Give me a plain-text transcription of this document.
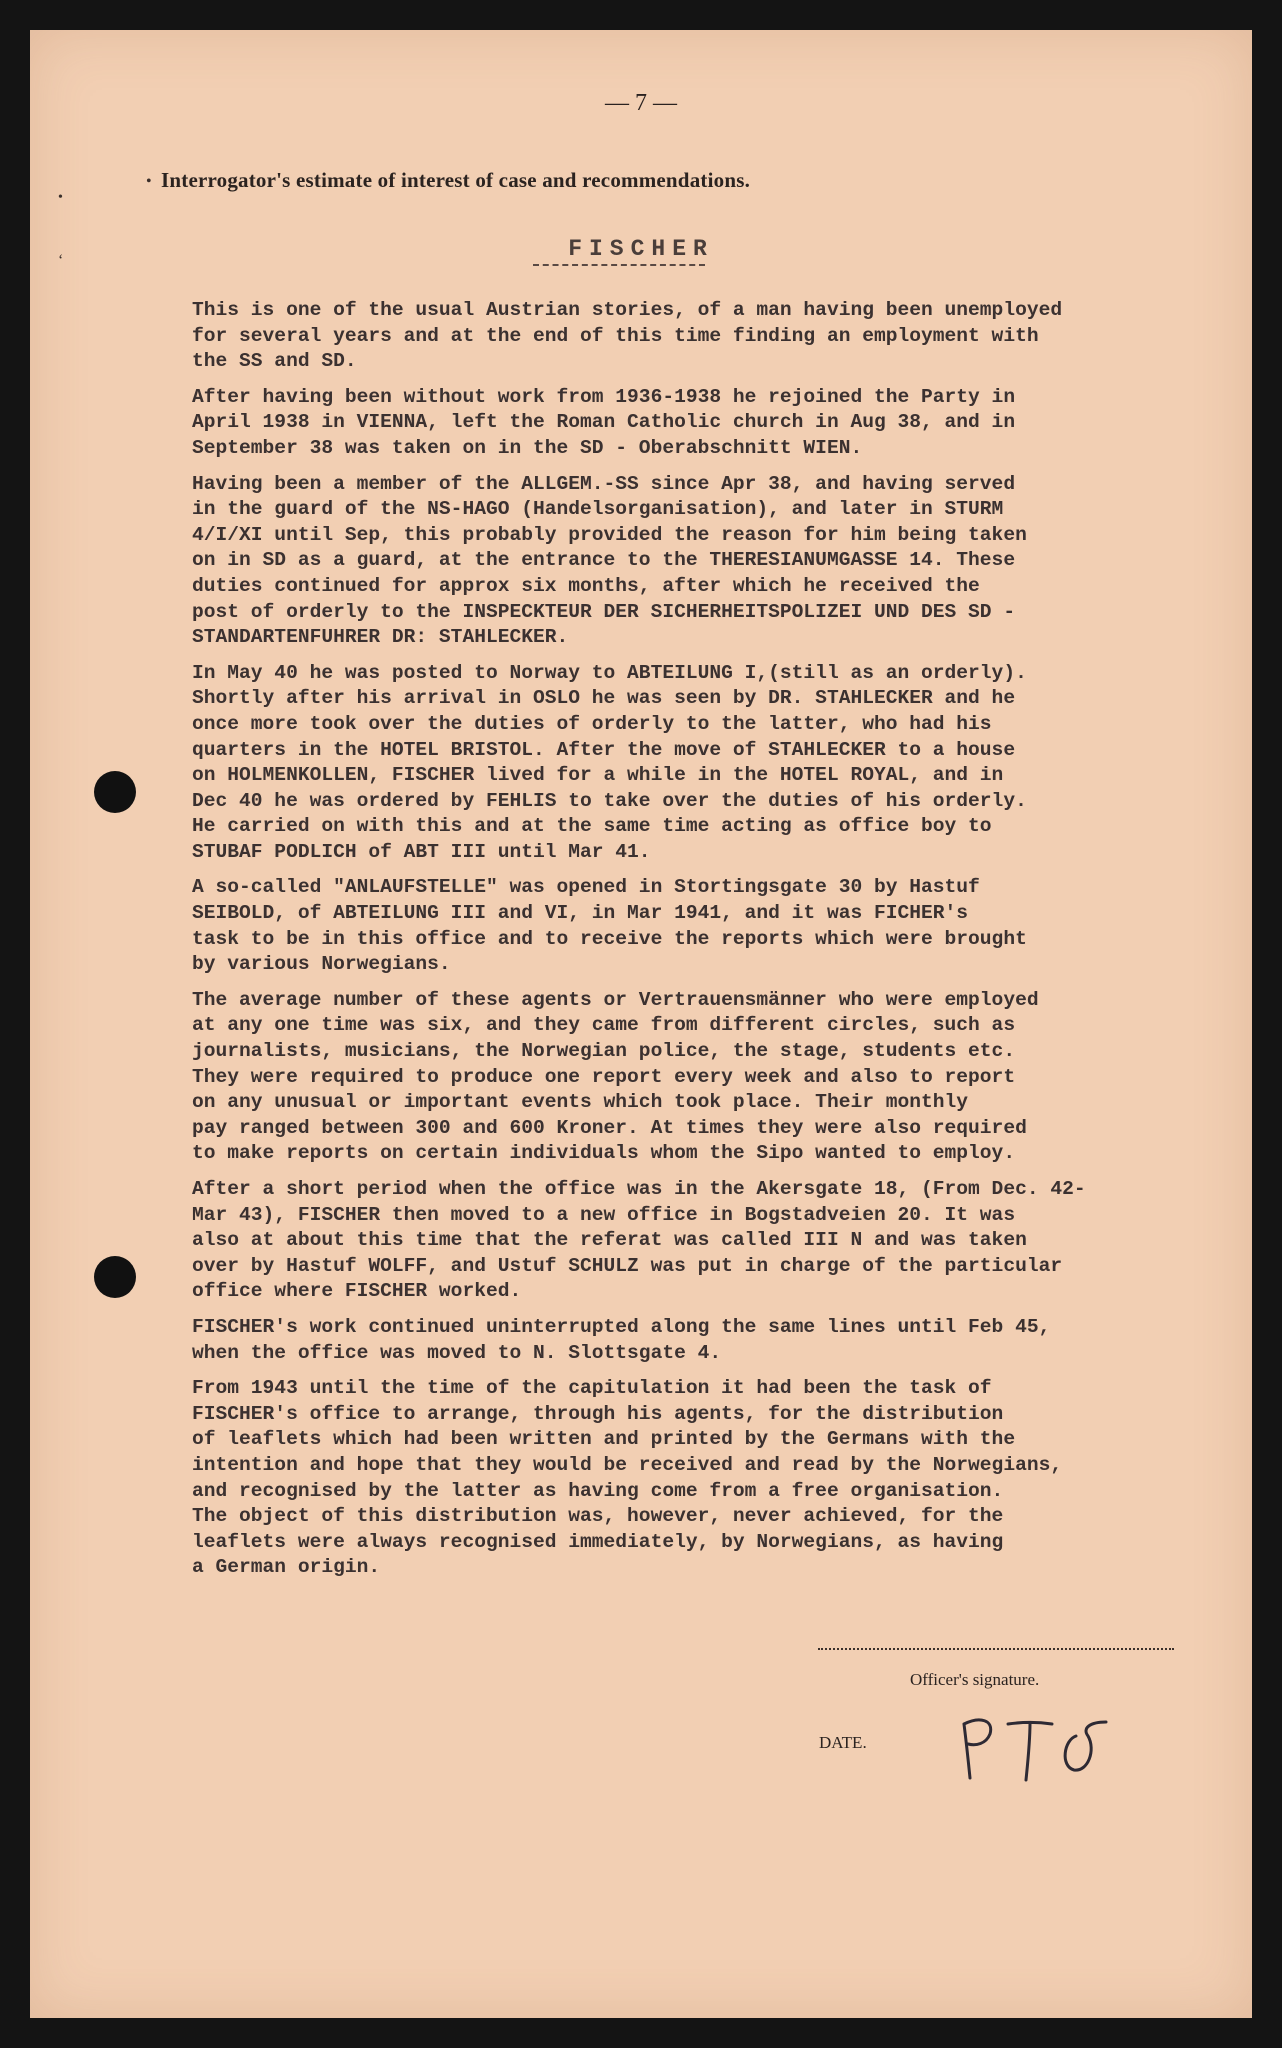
— 7 —
•
•
‘
Interrogator's estimate of interest of case and recommendations.
FISCHER

This is one of the usual Austrian stories, of a man having been unemployed
for several years and at the end of this time finding an employment with
the SS and SD.

After having been without work from 1936-1938 he rejoined the Party in
April 1938 in VIENNA, left the Roman Catholic church in Aug 38, and in
September 38 was taken on in the SD - Oberabschnitt WIEN.

Having been a member of the ALLGEM.-SS since Apr 38, and having served
in the guard of the NS-HAGO (Handelsorganisation), and later in STURM
4/I/XI until Sep, this probably provided the reason for him being taken
on in SD as a guard, at the entrance to the THERESIANUMGASSE 14. These
duties continued for approx six months, after which he received the
post of orderly to the INSPECKTEUR DER SICHERHEITSPOLIZEI UND DES SD -
STANDARTENFUHRER DR: STAHLECKER.

In May 40 he was posted to Norway to ABTEILUNG I,(still as an orderly).
Shortly after his arrival in OSLO he was seen by DR. STAHLECKER and he
once more took over the duties of orderly to the latter, who had his
quarters in the HOTEL BRISTOL. After the move of STAHLECKER to a house
on HOLMENKOLLEN, FISCHER lived for a while in the HOTEL ROYAL, and in
Dec 40 he was ordered by FEHLIS to take over the duties of his orderly.
He carried on with this and at the same time acting as office boy to
STUBAF PODLICH of ABT III until Mar 41.

A so-called "ANLAUFSTELLE" was opened in Stortingsgate 30 by Hastuf
SEIBOLD, of ABTEILUNG III and VI, in Mar 1941, and it was FICHER's
task to be in this office and to receive the reports which were brought
by various Norwegians.

The average number of these agents or Vertrauensmänner who were employed
at any one time was six, and they came from different circles, such as
journalists, musicians, the Norwegian police, the stage, students etc.
They were required to produce one report every week and also to report
on any unusual or important events which took place. Their monthly
pay ranged between 300 and 600 Kroner. At times they were also required
to make reports on certain individuals whom the Sipo wanted to employ.

After a short period when the office was in the Akersgate 18, (From Dec. 42-
Mar 43), FISCHER then moved to a new office in Bogstadveien 20. It was
also at about this time that the referat was called III N and was taken
over by Hastuf WOLFF, and Ustuf SCHULZ was put in charge of the particular
office where FISCHER worked.

FISCHER's work continued uninterrupted along the same lines until Feb 45,
when the office was moved to N. Slottsgate 4.

From 1943 until the time of the capitulation it had been the task of
FISCHER's office to arrange, through his agents, for the distribution
of leaflets which had been written and printed by the Germans with the
intention and hope that they would be received and read by the Norwegians,
and recognised by the latter as having come from a free organisation.
The object of this distribution was, however, never achieved, for the
leaflets were always recognised immediately, by Norwegians, as having
a German origin.

Officer's signature.
DATE.
